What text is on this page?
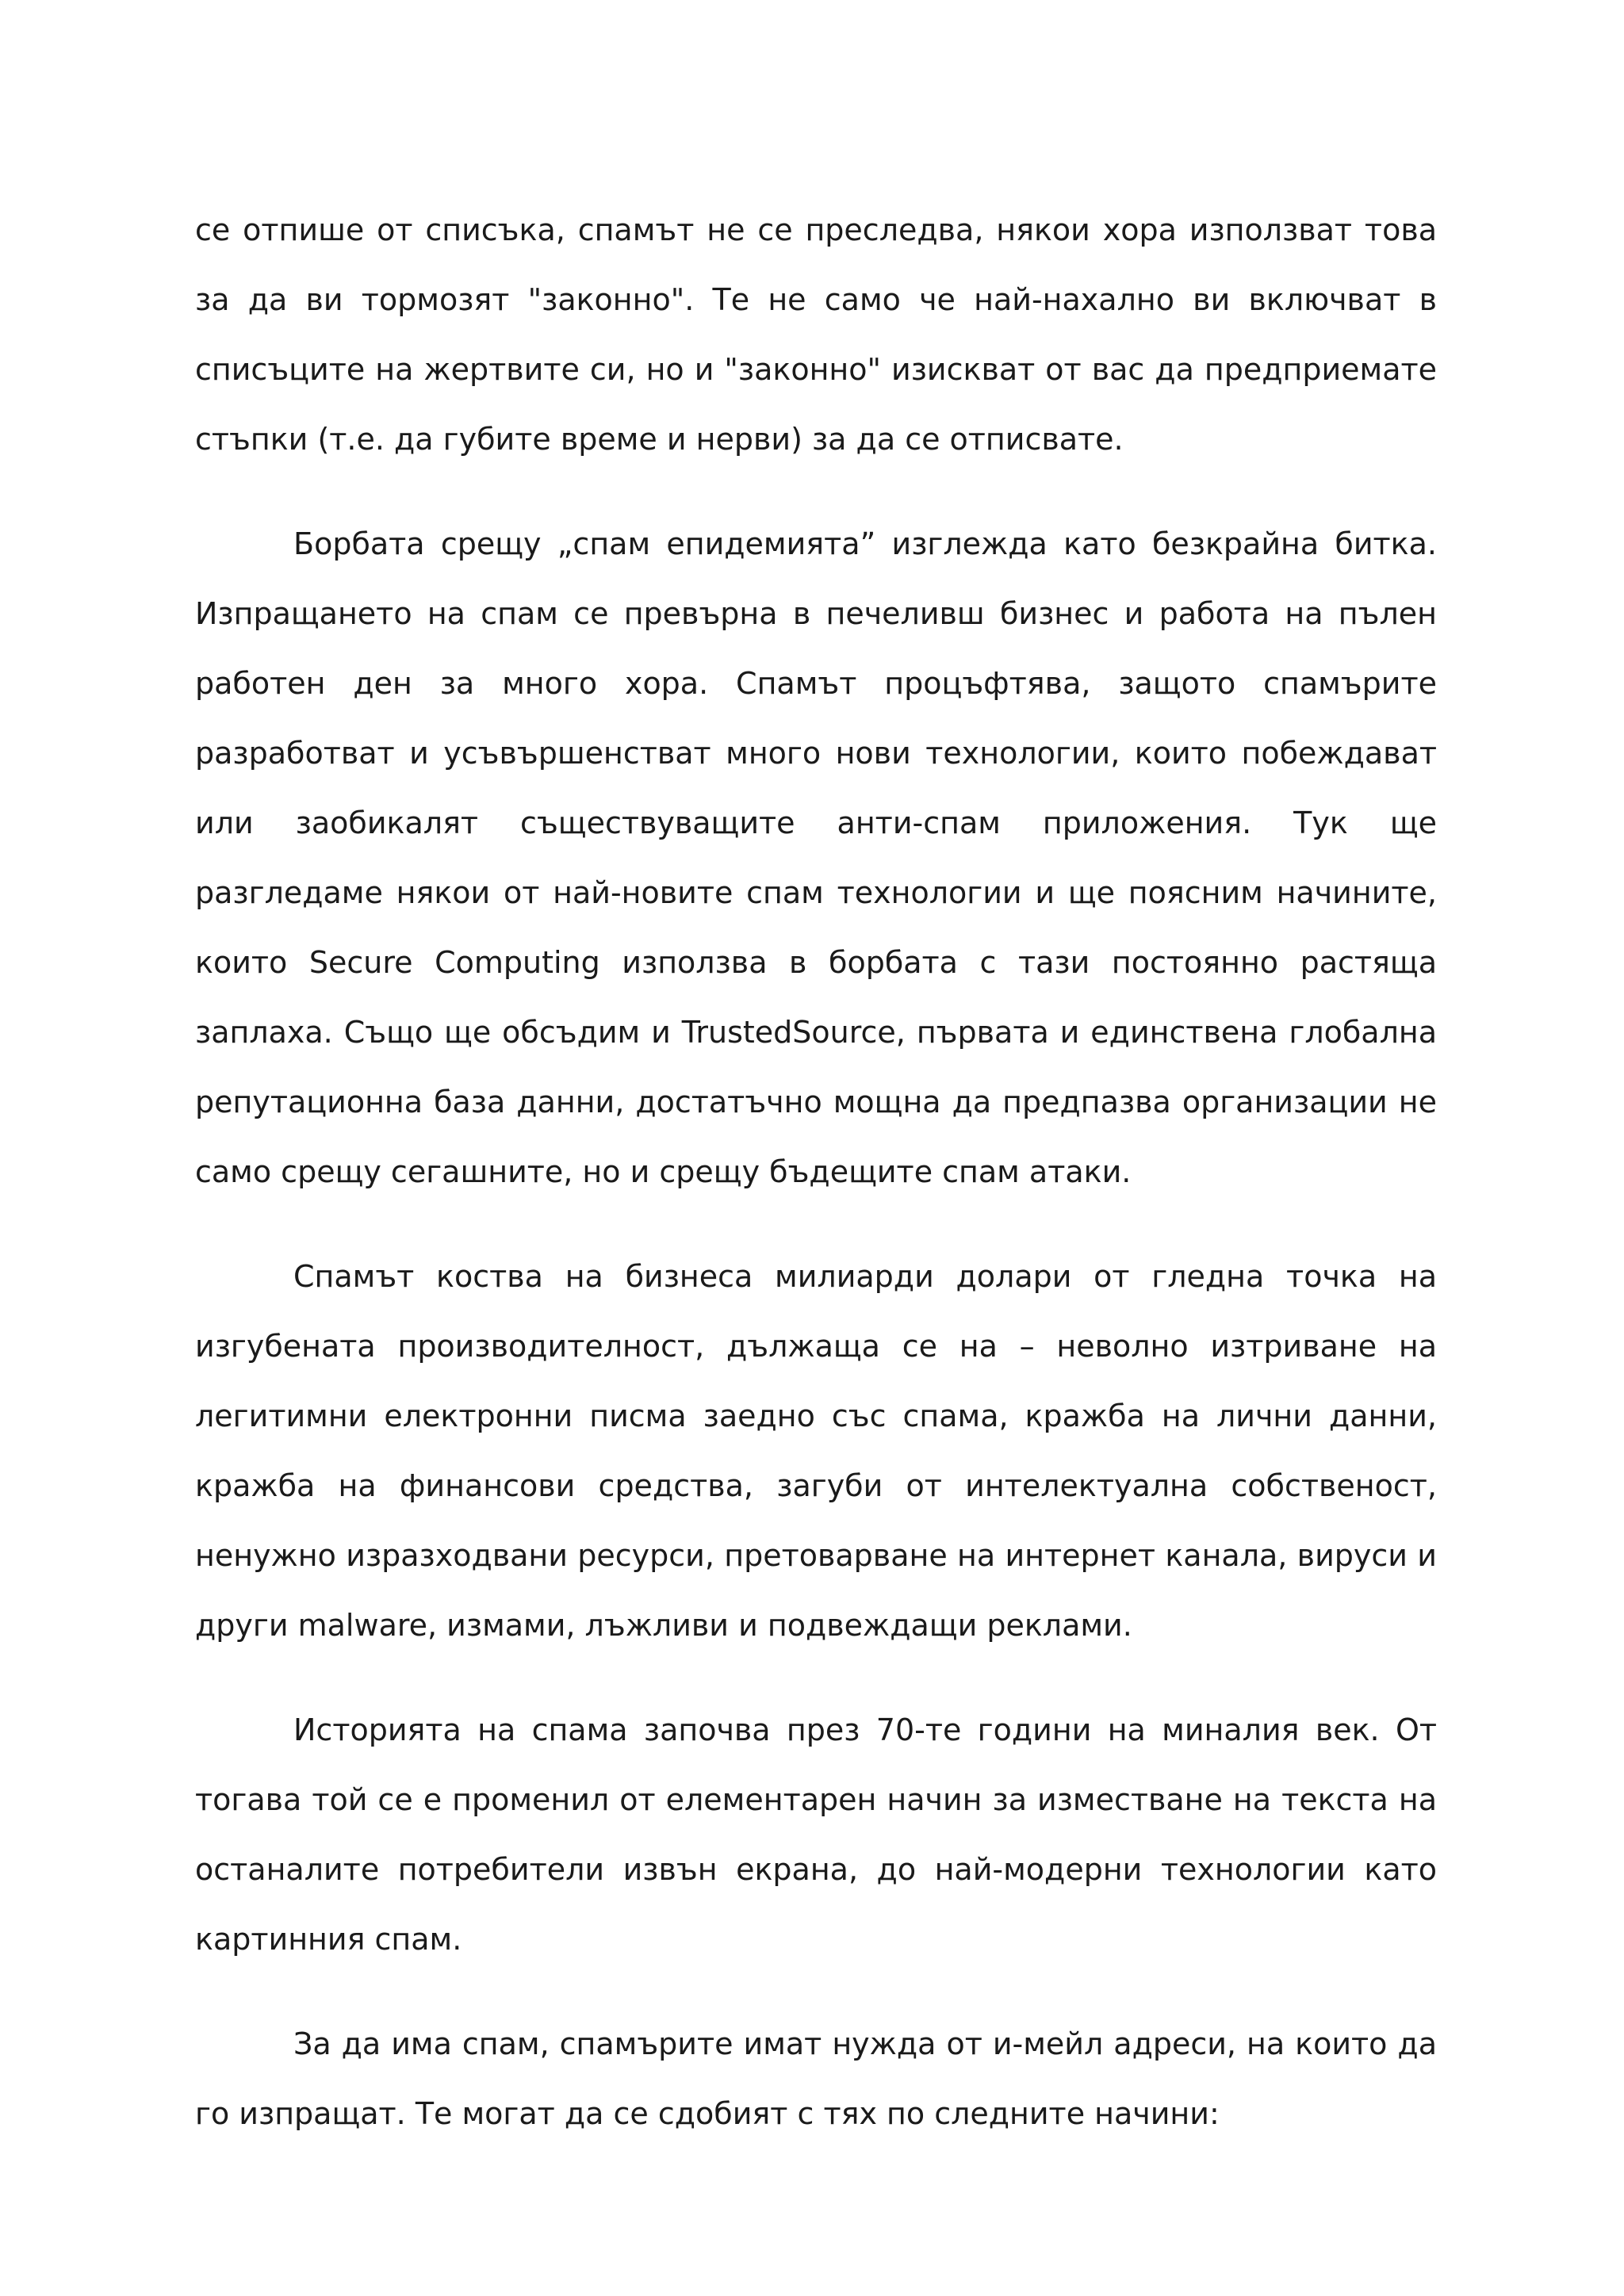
се отпише от списъка, спамът не се преследва, някои хора използват това за да ви тормозят "законно". Те не само че най-нахално ви включват в списъците на жертвите си, но и "законно" изискват от вас да предприемате стъпки (т.е. да губите време и нерви) за да се отписвате.

Борбата срещу „спам епидемията” изглежда като безкрайна битка. Изпращането на спам се превърна в печеливш бизнес и работа на пълен работен ден за много хора. Спамът процъфтява, защото спамърите разработват и усъвършенстват много нови технологии, които побеждават или заобикалят съществуващите анти-спам приложения. Тук ще разгледаме някои от най-новите спам технологии и ще поясним начините, които Secure Computing използва в борбата с тази постоянно растяща заплаха. Също ще обсъдим и TrustedSource, първата и единствена глобална репутационна база данни, достатъчно мощна да предпазва организации не само срещу сегашните, но и срещу бъдещите спам атаки.

Спамът коства на бизнеса милиарди долари от гледна точка на изгубената производителност, дължаща се на – неволно изтриване на легитимни електронни писма заедно със спама, кражба на лични данни, кражба на финансови средства, загуби от интелектуална собственост, ненужно изразходвани ресурси, претоварване на интернет канала, вируси и други malware, измами, лъжливи и подвеждащи реклами.

Историята на спама започва през 70-те години на миналия век. От тогава той се е променил от елементарен начин за изместване на текста на останалите потребители извън екрана, до най-модерни технологии като картинния спам.

За да има спам, спамърите имат нужда от и-мейл адреси, на които да го изпращат. Те могат да се сдобият с тях по следните начини:
